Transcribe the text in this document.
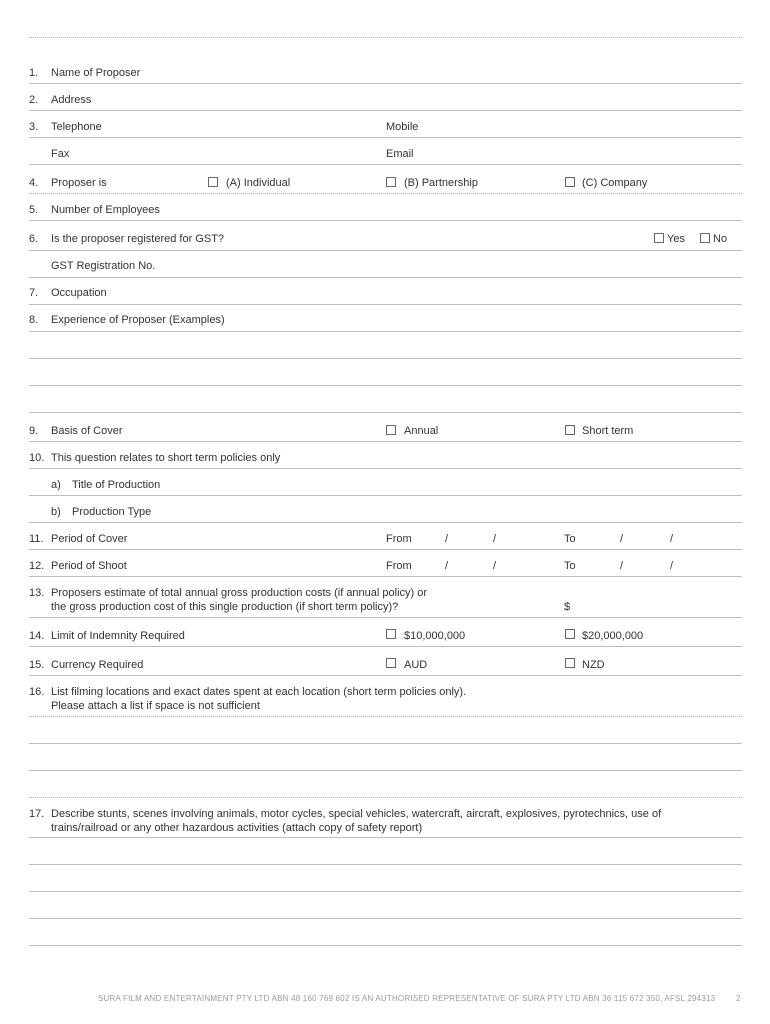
1. Name of Proposer
2. Address
3. Telephone	Mobile
Fax	Email
4. Proposer is	(A) Individual	(B) Partnership	(C) Company
5. Number of Employees
6. Is the proposer registered for GST?	Yes	No
GST Registration No.
7. Occupation
8. Experience of Proposer (Examples)
9. Basis of Cover	Annual	Short term
10. This question relates to short term policies only
a) Title of Production
b) Production Type
11. Period of Cover	From	/	/	To	/	/
12. Period of Shoot	From	/	/	To	/	/
13. Proposers estimate of total annual gross production costs (if annual policy) or
the gross production cost of this single production (if short term policy)?	$
14. Limit of Indemnity Required	$10,000,000	$20,000,000
15. Currency Required	AUD	NZD
16. List filming locations and exact dates spent at each location (short term policies only).
Please attach a list if space is not sufficient
17. Describe stunts, scenes involving animals, motor cycles, special vehicles, watercraft, aircraft, explosives, pyrotechnics, use of
trains/railroad or any other hazardous activities (attach copy of safety report)
SURA FILM AND ENTERTAINMENT PTY LTD ABN 48 160 769 602 IS AN AUTHORISED REPRESENTATIVE OF SURA PTY LTD ABN 36 115 672 350, AFSL 294313	2
